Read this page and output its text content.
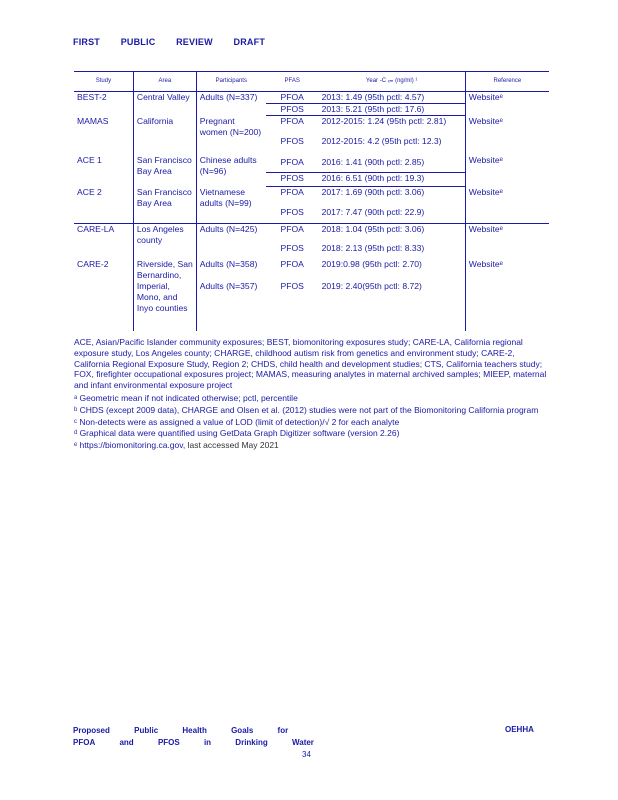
FIRST PUBLIC REVIEW DRAFT
Study	Area	Participants	PFAS	Year -C ₓₘ (ng/ml) ¹	Reference
BEST-2	Central Valley	Adults (N=337)	PFOA	2013: 1.49 (95th pctl: 4.57)	Websiteᵉ
			PFOS	2013: 5.21 (95th pctl: 17.6)	
MAMAS	California	Pregnant women (N=200)	PFOA	2012-2015: 1.24 (95th pctl: 2.81)	Websiteᵉ
			PFOS	2012-2015: 4.2 (95th pctl: 12.3)	
ACE 1	San Francisco Bay Area	Chinese adults (N=96)	PFOA	2016: 1.41 (90th pctl: 2.85)	Websiteᵉ
			PFOS	2016: 6.51 (90th pctl: 19.3)	
ACE 2	San Francisco Bay Area	Vietnamese adults (N=99)	PFOA	2017: 1.69 (90th pctl: 3.06)	Websiteᵉ
			PFOS	2017: 7.47 (90th pctl: 22.9)	
CARE-LA	Los Angeles county	Adults (N=425)	PFOA	2018: 1.04 (95th pctl: 3.06)	Websiteᵉ
			PFOS	2018: 2.13 (95th pctl: 8.33)	
CARE-2	Riverside, San Bernardino, Imperial, Mono, and Inyo counties	Adults (N=358)	PFOA	2019:0.98 (95th pctl: 2.70)	Websiteᵉ
		Adults (N=357)	PFOS	2019: 2.40(95th pctl: 8.72)	

ACE, Asian/Pacific Islander community exposures; BEST, biomonitoring exposures study; CARE-LA, California regional exposure study, Los Angeles county; CHARGE, childhood autism risk from genetics and environment study; CARE-2, California Regional Exposure Study, Region 2; CHDS, child health and development studies; CTS, California teachers study; FOX, firefighter occupational exposures project; MAMAS, measuring analytes in maternal archived samples; MIEEP, maternal and infant environmental exposure project

ᵃ Geometric mean if not indicated otherwise; pctl, percentile

ᵇ CHDS (except 2009 data), CHARGE and Olsen et al. (2012) studies were not part of the Biomonitoring California program

ᶜ Non-detects were as assigned a value of LOD (limit of detection)/√ 2 for each analyte

ᵈ Graphical data were quantified using GetData Graph Digitizer software (version 2.26)

ᵉ https://biomonitoring.ca.gov, last accessed May 2021

Proposed	Public	Health	Goals	for
PFOA	and	PFOS	in	Drinking	Water
OEHHA
34
